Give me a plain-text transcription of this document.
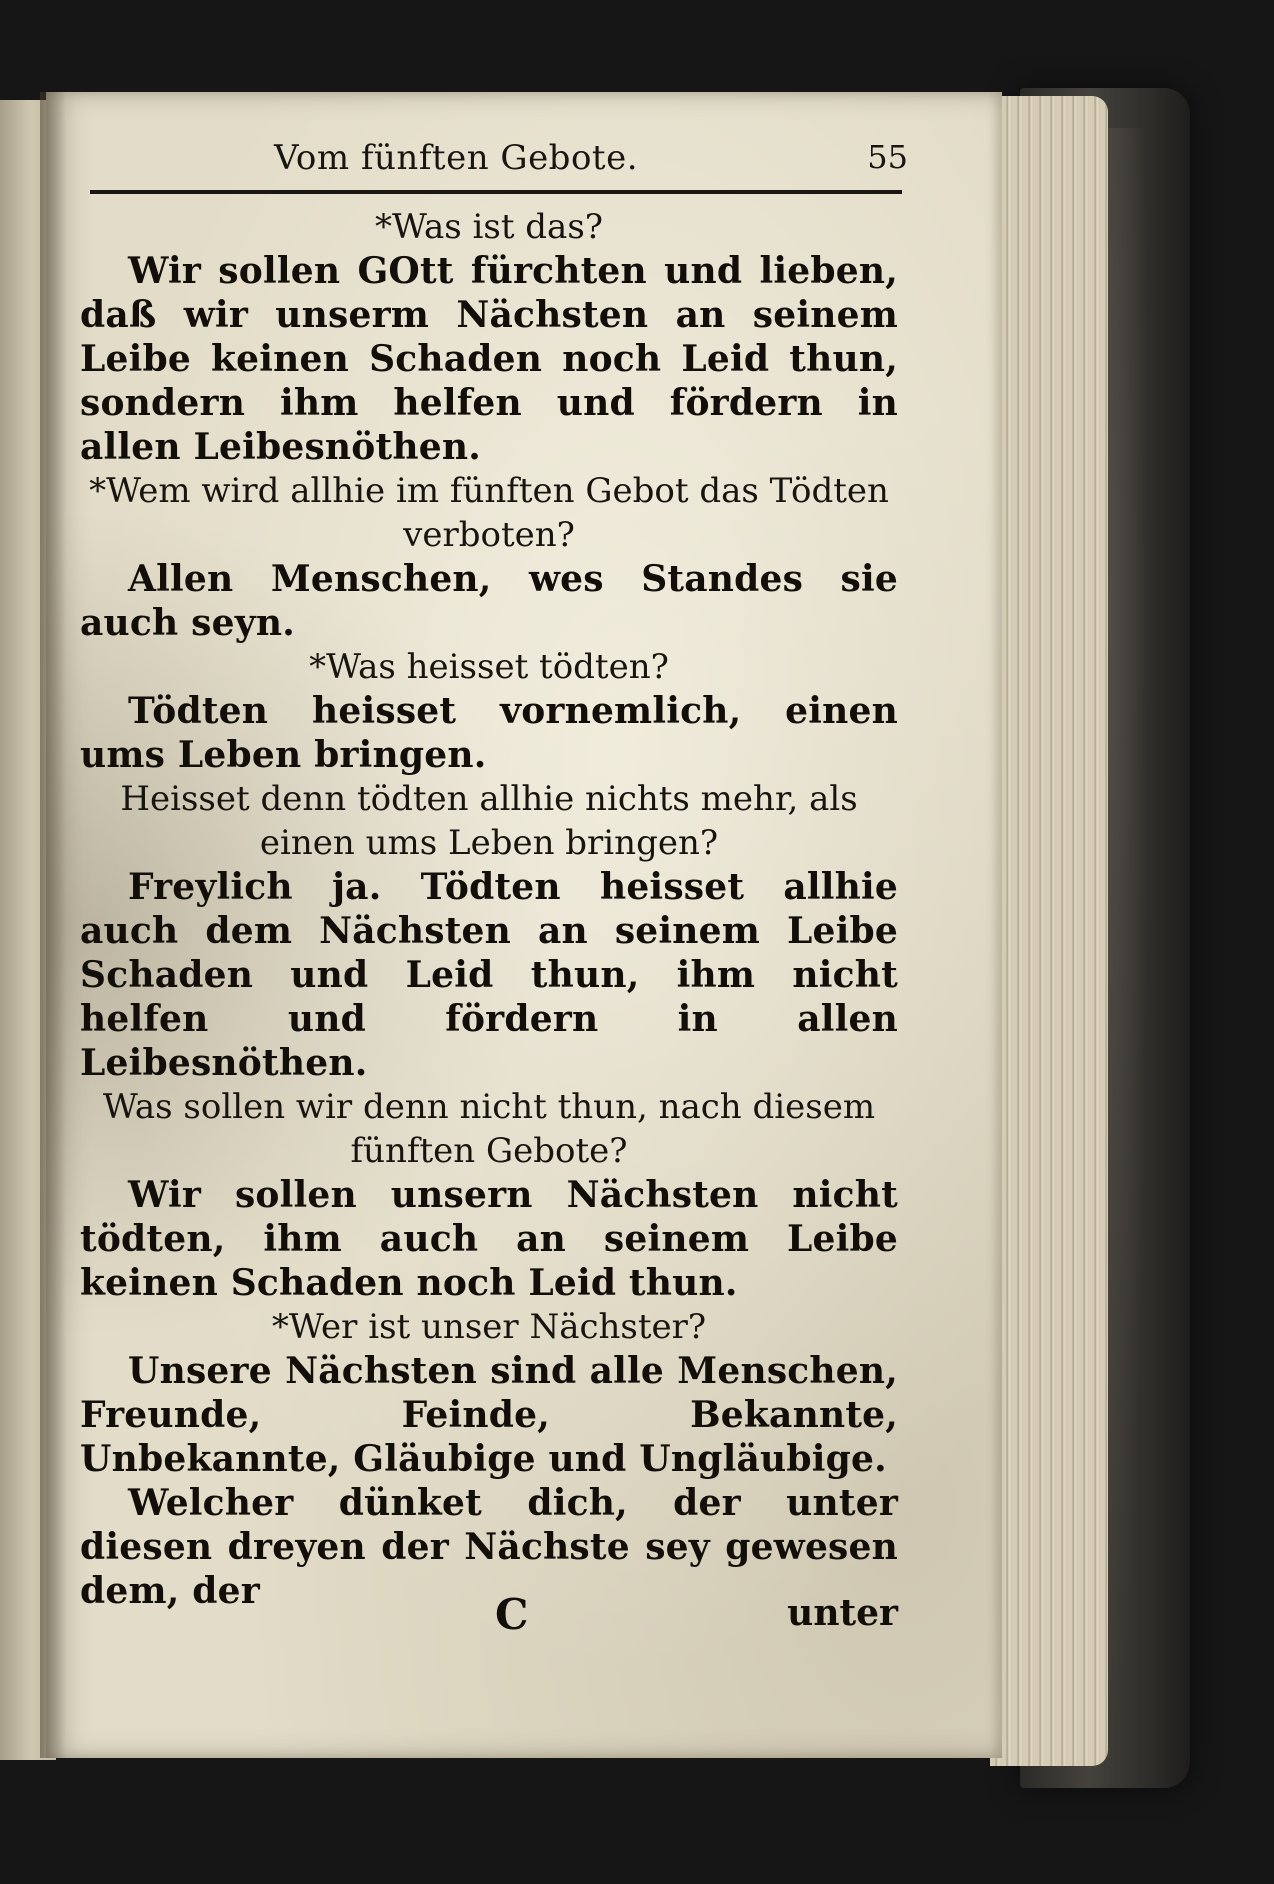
Vom fünften Gebote.	55

*Was ist das?

Wir sollen GOtt fürchten und lieben, daß wir unserm Nächsten an seinem Leibe keinen Schaden noch Leid thun, sondern ihm helfen und fördern in allen Leibesnöthen.

*Wem wird allhie im fünften Gebot das Tödten verboten?

Allen Menschen, wes Standes sie auch seyn.

*Was heisset tödten?

Tödten heisset vornemlich, einen ums Leben bringen.

Heisset denn tödten allhie nichts mehr, als einen ums Leben bringen?

Freylich ja. Tödten heisset allhie auch dem Nächsten an seinem Leibe Schaden und Leid thun, ihm nicht helfen und fördern in allen Leibesnöthen.

Was sollen wir denn nicht thun, nach diesem fünften Gebote?

Wir sollen unsern Nächsten nicht tödten, ihm auch an seinem Leibe keinen Schaden noch Leid thun.

*Wer ist unser Nächster?

Unsere Nächsten sind alle Menschen, Freunde, Feinde, Bekannte, Unbekannte, Gläubige und Ungläubige.

Welcher dünket dich, der unter diesen dreyen der Nächste sey gewesen dem, der	C	unter
